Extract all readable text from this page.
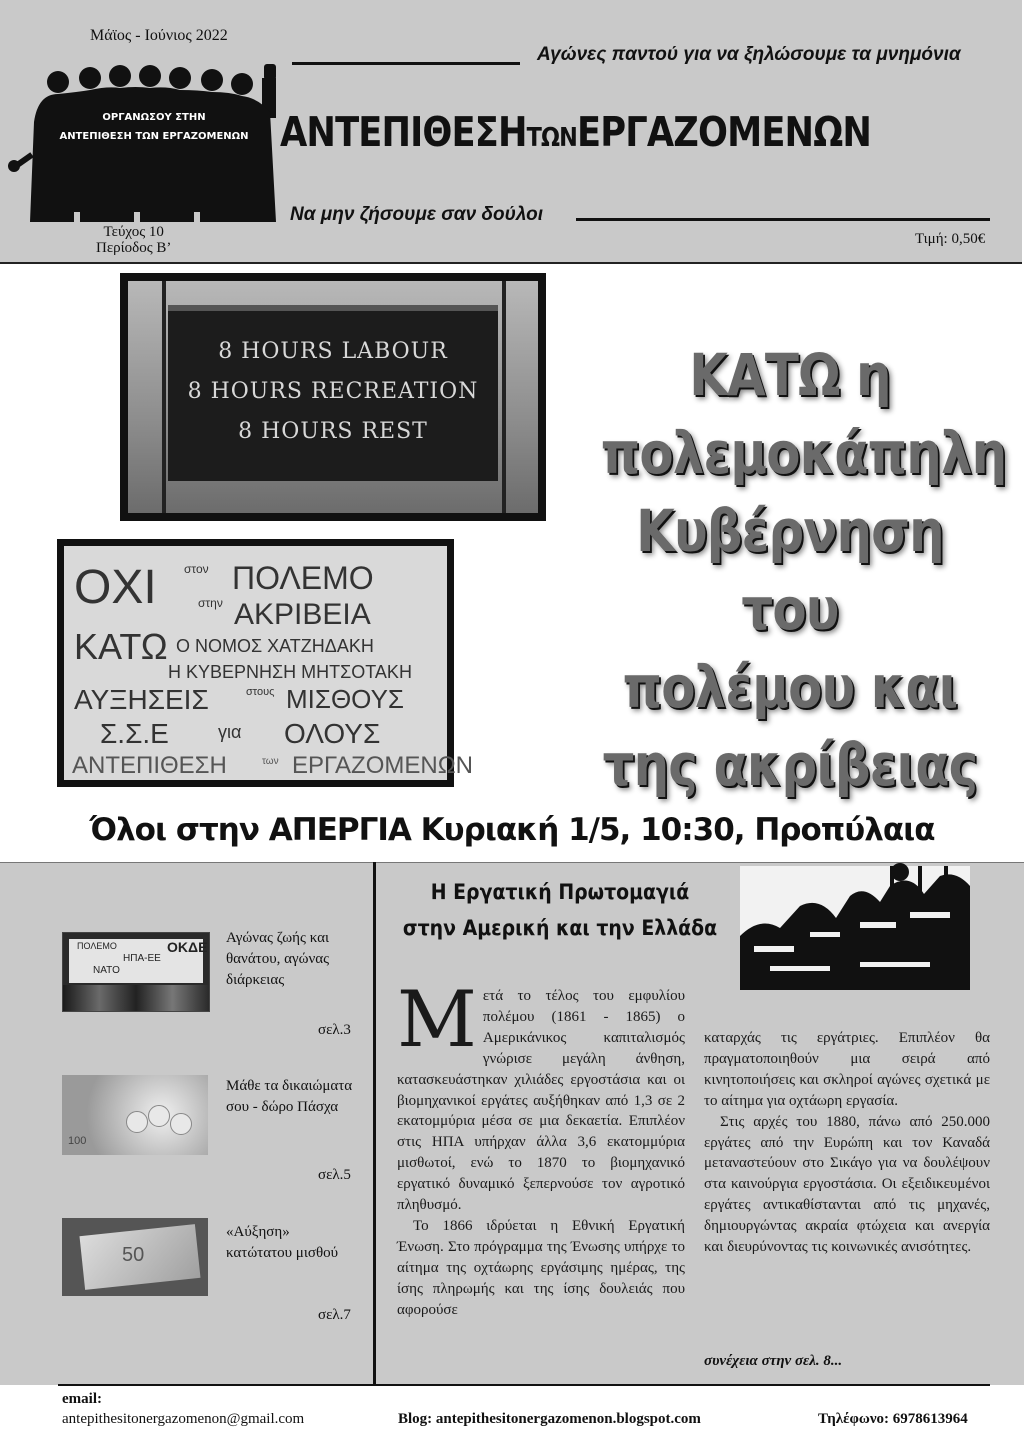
Μάϊος - Ιούνιος 2022
Αγώνες παντού για να ξηλώσουμε τα μνημόνια
ΟΡΓΑΝΩΣΟΥ ΣΤΗΝ
ΑΝΤΕΠΙΘΕΣΗ ΤΩΝ ΕΡΓΑΖΟΜΕΝΩΝ ΑΝΤΕΠΙΘΕΣΗΤΩΝΕΡΓΑΖΟΜΕΝΩΝ
Να μην ζήσουμε σαν δούλοι
Τεύχος 10
Περίοδος Β’
Τιμή: 0,50€
8 HOURS LABOUR
8 HOURS RECREATION
8 HOURS REST
ΟΧΙ στον ΠΟΛΕΜΟ
στην ΑΚΡΙΒΕΙΑ
ΚΑΤΩ Ο ΝΟΜΟΣ ΧΑΤΖΗΔΑΚΗ
Η ΚΥΒΕΡΝΗΣΗ ΜΗΤΣΟΤΑΚΗ
ΑΥΞΗΣΕΙΣ	στους ΜΙΣΘΟΥΣ
Σ.Σ.Ε	για ΟΛΟΥΣ
ΑΝΤΕΠΙΘΕΣΗ	των ΕΡΓΑΖΟΜΕΝΩΝ
ΚΑΤΩ η
πολεμοκάπηλη
Κυβέρνηση του
πολέμου και
της ακρίβειας
Όλοι στην ΑΠΕΡΓΙΑ Κυριακή 1/5, 10:30, Προπύλαια
ΠΟΛΕΜΟ	ΟΚΔΕ
ΗΠΑ-ΕΕ
ΝΑΤΟ
Αγώνας ζωής και θανάτου, αγώνας διάρκειας
σελ.3
100
Μάθε τα δικαιώματα σου - δώρο Πάσχα
σελ.5
50
«Αύξηση» κατώτατου μισθού
σελ.7
Η Εργατική Πρωτομαγιά
στην Αμερική και την Ελλάδα

Μετά το τέλος του εμφυλίου πολέμου (1861 - 1865) ο Αμερικάνικος καπιταλισμός γνώρισε μεγάλη άνθηση, κατασκευάστηκαν χιλιάδες εργοστάσια και οι βιομηχανικοί εργάτες αυξήθηκαν από 1,3 σε 2 εκατομμύρια μέσα σε μια δεκαετία. Επιπλέον στις ΗΠΑ υπήρχαν άλλα 3,6 εκατομμύρια μισθωτοί, ενώ το 1870 το βιομηχανικό εργατικό δυναμικό ξεπερνούσε τον αγροτικό πληθυσμό.

Το 1866 ιδρύεται η Εθνική Εργατική Ένωση. Στο πρόγραμμα της Ένωσης υπήρχε το αίτημα της οχτάωρης εργάσιμης ημέρας, της ίσης πληρωμής και της ίσης δουλειάς που αφορούσε

καταρχάς τις εργάτριες. Επιπλέον θα πραγματοποιηθούν μια σειρά από κινητοποιήσεις και σκληροί αγώνες σχετικά με το αίτημα για οχτάωρη εργασία.

Στις αρχές του 1880, πάνω από 250.000 εργάτες από την Ευρώπη και τον Καναδά μεταναστεύουν στο Σικάγο για να δουλέψουν στα καινούργια εργοστάσια. Οι εξειδικευμένοι εργάτες αντικαθίστανται από τις μηχανές, δημιουργώντας ακραία φτώχεια και ανεργία και διευρύνοντας τις κοινωνικές ανισότητες.

συνέχεια στην σελ. 8...
email:
antepithesitonergazomenon@gmail.com	Blog: antepithesitonergazomenon.blogspot.com	Τηλέφωνο: 6978613964
